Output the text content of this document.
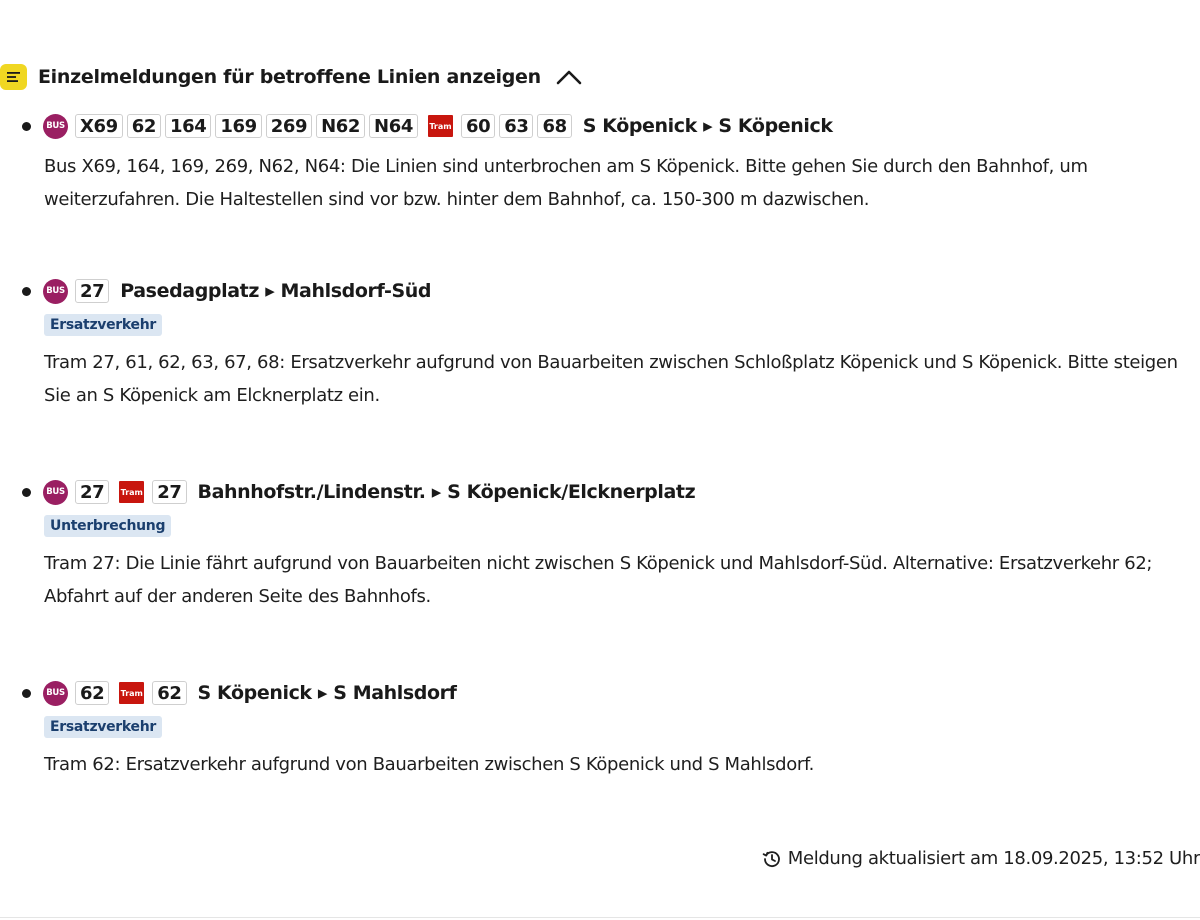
Einzelmeldungen für betroffene Linien anzeigen
BUS X69 62 164 169 269 N62 N64	Tram 60 63 68 S Köpenick ▸ S Köpenick
Bus X69, 164, 169, 269, N62, N64: Die Linien sind unterbrochen am S Köpenick. Bitte gehen Sie durch den Bahnhof, um weiterzufahren. Die Haltestellen sind vor bzw. hinter dem Bahnhof, ca. 150-300 m dazwischen.
BUS 27 Pasedagplatz ▸ Mahlsdorf-Süd
Ersatzverkehr
Tram 27, 61, 62, 63, 67, 68: Ersatzverkehr aufgrund von Bauarbeiten zwischen Schloßplatz Köpenick und S Köpenick. Bitte steigen Sie an S Köpenick am Elcknerplatz ein.
BUS 27	Tram 27 Bahnhofstr./Lindenstr. ▸ S Köpenick/Elcknerplatz
Unterbrechung
Tram 27: Die Linie fährt aufgrund von Bauarbeiten nicht zwischen S Köpenick und Mahlsdorf-Süd. Alternative: Ersatzverkehr 62; Abfahrt auf der anderen Seite des Bahnhofs.
BUS 62	Tram 62 S Köpenick ▸ S Mahlsdorf
Ersatzverkehr
Tram 62: Ersatzverkehr aufgrund von Bauarbeiten zwischen S Köpenick und S Mahlsdorf.
Meldung aktualisiert am 18.09.2025, 13:52 Uhr
